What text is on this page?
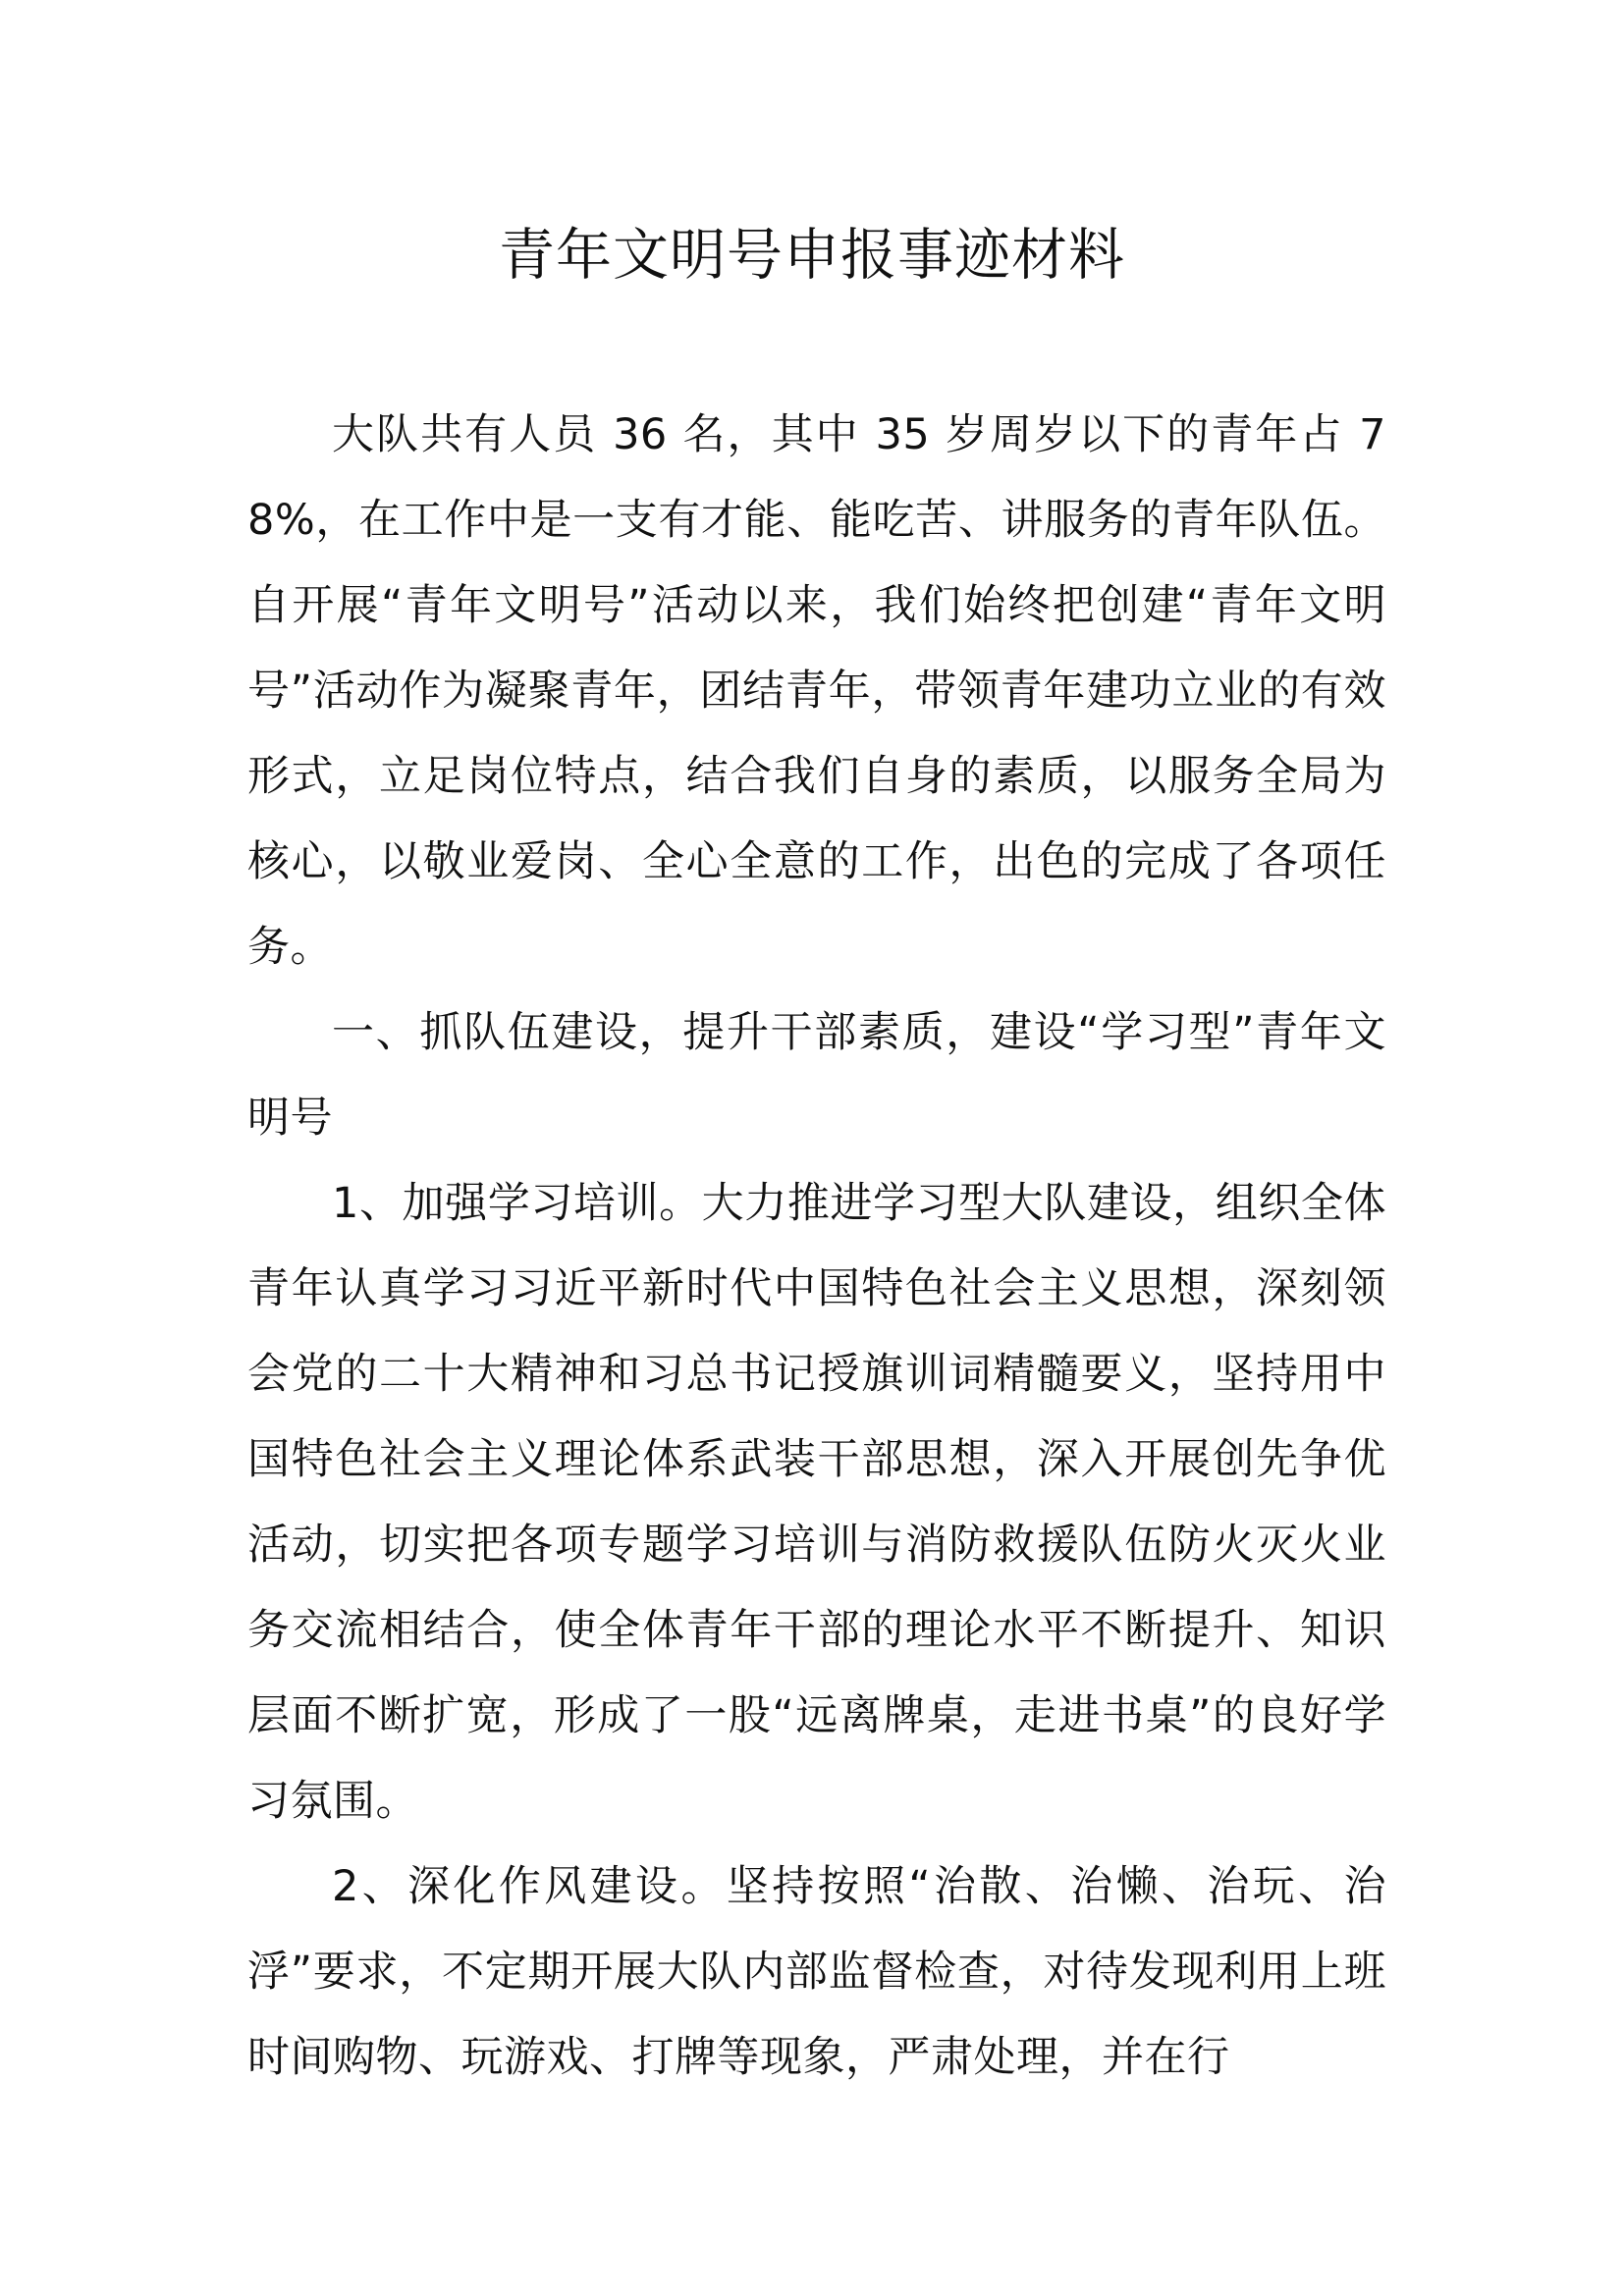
青年文明号申报事迹材料

大队共有人员 36 名，其中 35 岁周岁以下的青年占 78%，在工作中是一支有才能、能吃苦、讲服务的青年队伍。自开展“青年文明号”活动以来，我们始终把创建“青年文明号”活动作为凝聚青年，团结青年，带领青年建功立业的有效形式，立足岗位特点，结合我们自身的素质，以服务全局为核心，以敬业爱岗、全心全意的工作，出色的完成了各项任务。

一、抓队伍建设，提升干部素质，建设“学习型”青年文明号

1、加强学习培训。大力推进学习型大队建设，组织全体青年认真学习习近平新时代中国特色社会主义思想，深刻领会党的二十大精神和习总书记授旗训词精髓要义，坚持用中国特色社会主义理论体系武装干部思想，深入开展创先争优活动，切实把各项专题学习培训与消防救援队伍防火灭火业务交流相结合，使全体青年干部的理论水平不断提升、知识层面不断扩宽，形成了一股“远离牌桌，走进书桌”的良好学习氛围。

2、深化作风建设。坚持按照“治散、治懒、治玩、治浮”要求，不定期开展大队内部监督检查，对待发现利用上班时间购物、玩游戏、打牌等现象，严肃处理，并在行
